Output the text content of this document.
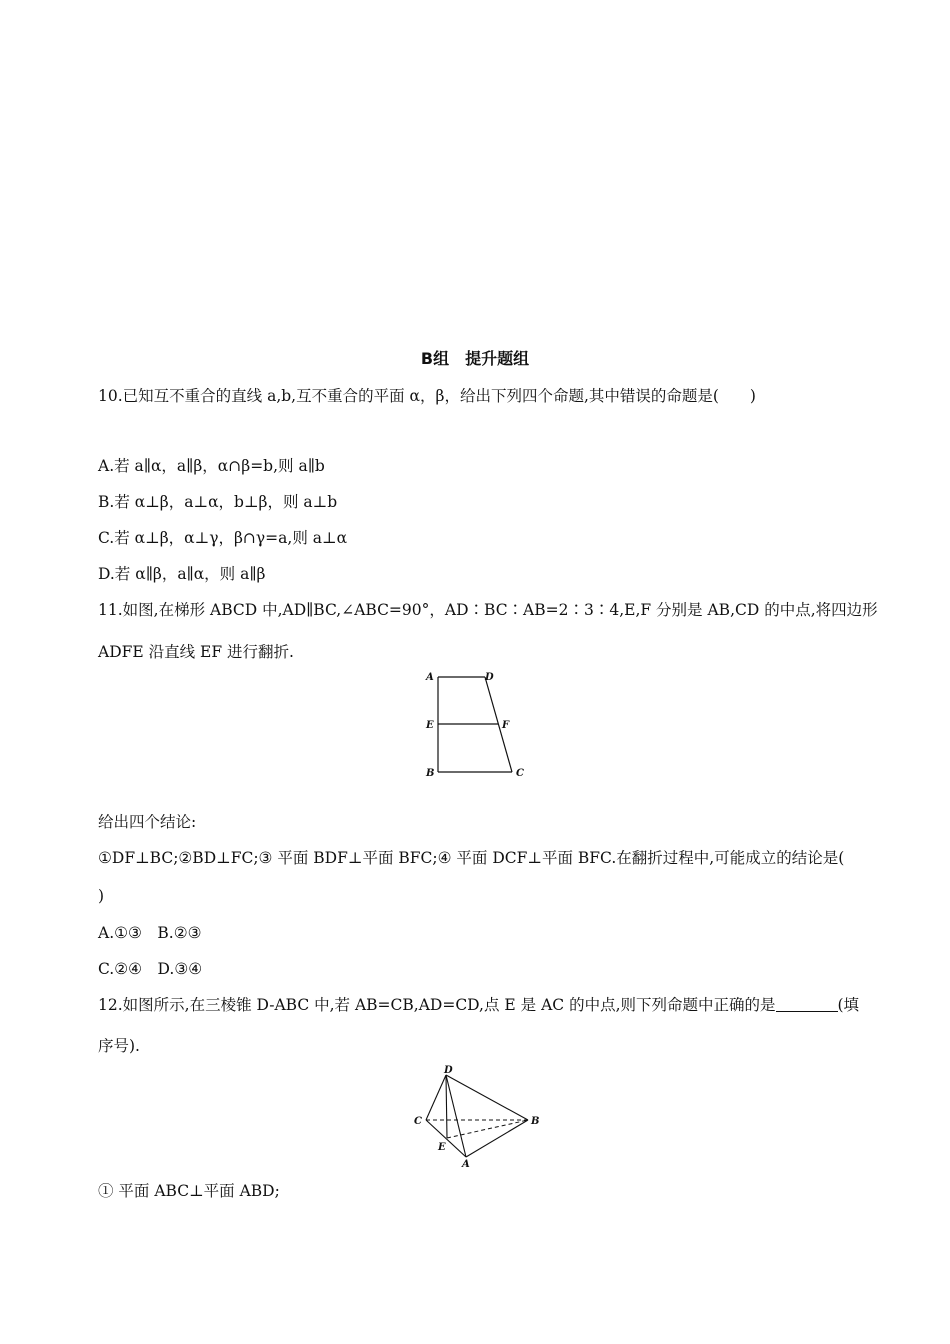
B组　提升题组
10.已知互不重合的直线 a,b,互不重合的平面 α，β，给出下列四个命题,其中错误的命题是(　　)
A.若 a∥α，a∥β，α∩β=b,则 a∥b
B.若 α⊥β，a⊥α，b⊥β，则 a⊥b
C.若 α⊥β，α⊥γ，β∩γ=a,则 a⊥α
D.若 α∥β，a∥α，则 a∥β
11.如图,在梯形 ABCD 中,AD∥BC,∠ABC=90°，AD∶BC∶AB=2∶3∶4,E,F 分别是 AB,CD 的中点,将四边形
ADFE 沿直线 EF 进行翻折.
A	D
E	F
B	C
给出四个结论:
①DF⊥BC;②BD⊥FC;③ 平面 BDF⊥平面 BFC;④ 平面 DCF⊥平面 BFC.在翻折过程中,可能成立的结论是(
)
A.①③　B.②③
C.②④　D.③④
12.如图所示,在三棱锥 D-ABC 中,若 AB=CB,AD=CD,点 E 是 AC 的中点,则下列命题中正确的是	(填
序号).
D
C	B
E
A
① 平面 ABC⊥平面 ABD;
